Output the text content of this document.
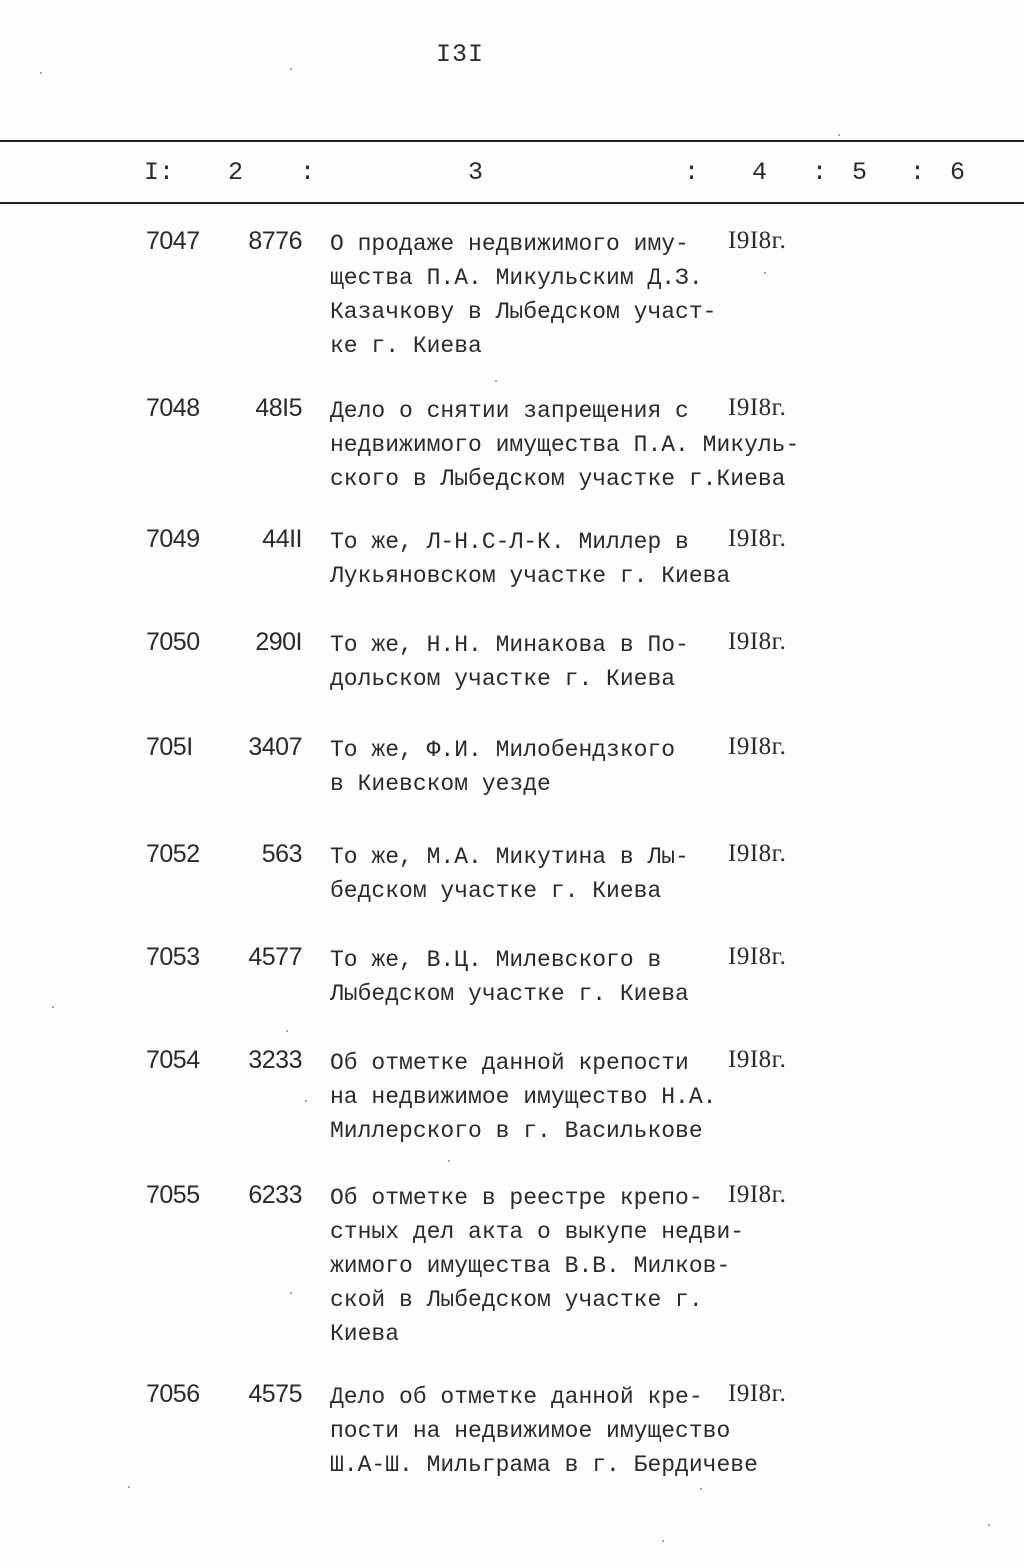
I3I
I: 2 :	3	: 4 : 5 : 6
7047 8776 О продаже недвижимого иму-
щества П.А. Микульским Д.З.
Казачкову в Лыбедском участ-
ке г. Киева
I9I8г.
7048 48I5 Дело о снятии запрещения с
недвижимого имущества П.А. Микуль-
ского в Лыбедском участке г.Киева
I9I8г.
7049	44II То же, Л-Н.С-Л-К. Миллер в
Лукьяновском участке г. Киева
I9I8г.
7050 290I То же, Н.Н. Минакова в По-
дольском участке г. Киева
I9I8г.
705I 3407 То же, Ф.И. Милобендзкого
в Киевском уезде
I9I8г.
7052 563 То же, М.А. Микутина в Лы-
бедском участке г. Киева
I9I8г.
7053 4577 То же, В.Ц. Милевского в
Лыбедском участке г. Киева
I9I8г.
7054 3233 Об отметке данной крепости
на недвижимое имущество Н.А.
Миллерского в г. Василькове
I9I8г.
7055 6233 Об отметке в реестре крепо-
стных дел акта о выкупе недви-
жимого имущества В.В. Милков-
ской в Лыбедском участке г.
Киева
I9I8г.
7056 4575 Дело об отметке данной кре-
пости на недвижимое имущество
Ш.А-Ш. Мильграма в г. Бердичеве
I9I8г.
